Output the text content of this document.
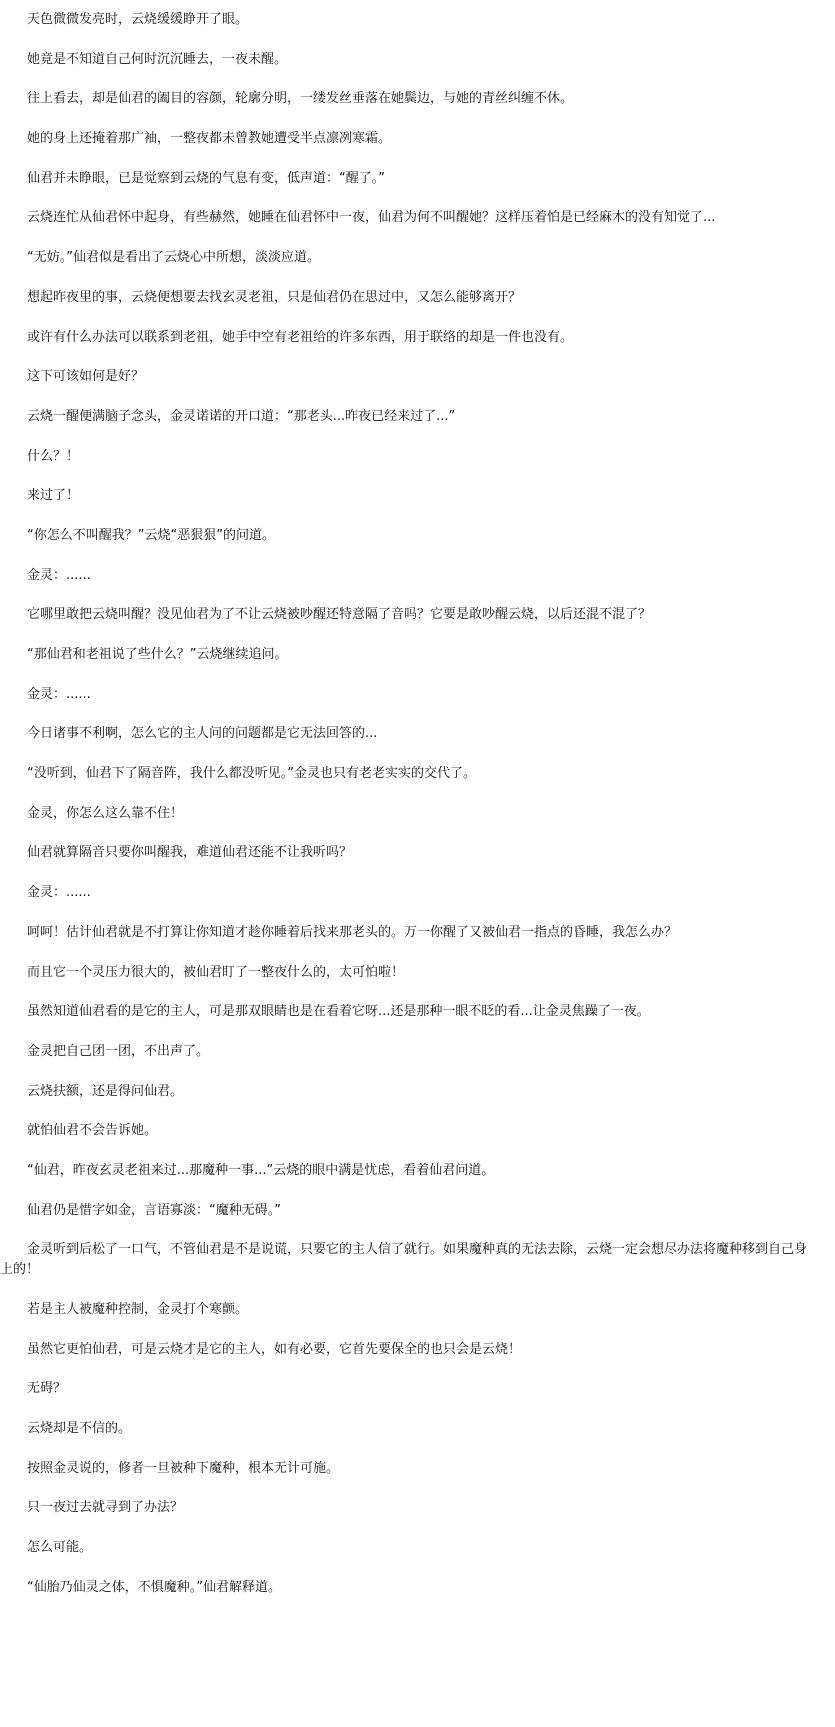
天色微微发亮时，云烧缓缓睁开了眼。

她竟是不知道自己何时沉沉睡去，一夜未醒。

往上看去，却是仙君的阖目的容颜，轮廓分明，一缕发丝垂落在她鬓边，与她的青丝纠缠不休。

她的身上还掩着那广袖，一整夜都未曾教她遭受半点凛冽寒霜。

仙君并未睁眼，已是觉察到云烧的气息有变，低声道：“醒了。”

云烧连忙从仙君怀中起身，有些赫然，她睡在仙君怀中一夜，仙君为何不叫醒她？这样压着怕是已经麻木的没有知觉了...

“无妨。”仙君似是看出了云烧心中所想，淡淡应道。

想起昨夜里的事，云烧便想要去找玄灵老祖，只是仙君仍在思过中，又怎么能够离开？

或许有什么办法可以联系到老祖，她手中空有老祖给的许多东西，用于联络的却是一件也没有。

这下可该如何是好？

云烧一醒便满脑子念头，金灵诺诺的开口道：“那老头...昨夜已经来过了...”

什么？！

来过了！

“你怎么不叫醒我？”云烧“恶狠狠”的问道。

金灵：......

它哪里敢把云烧叫醒？没见仙君为了不让云烧被吵醒还特意隔了音吗？它要是敢吵醒云烧，以后还混不混了？

“那仙君和老祖说了些什么？”云烧继续追问。

金灵：......

今日诸事不利啊，怎么它的主人问的问题都是它无法回答的...

“没听到，仙君下了隔音阵，我什么都没听见。”金灵也只有老老实实的交代了。

金灵，你怎么这么靠不住！

仙君就算隔音只要你叫醒我，难道仙君还能不让我听吗？

金灵：......

呵呵！估计仙君就是不打算让你知道才趁你睡着后找来那老头的。万一你醒了又被仙君一指点的昏睡，我怎么办？

而且它一个灵压力很大的，被仙君盯了一整夜什么的，太可怕啦！

虽然知道仙君看的是它的主人，可是那双眼睛也是在看着它呀...还是那种一眼不眨的看...让金灵焦躁了一夜。

金灵把自己团一团，不出声了。

云烧扶额，还是得问仙君。

就怕仙君不会告诉她。

“仙君，昨夜玄灵老祖来过...那魔种一事...”云烧的眼中满是忧虑，看着仙君问道。

仙君仍是惜字如金，言语寡淡：“魔种无碍。”

金灵听到后松了一口气，不管仙君是不是说谎，只要它的主人信了就行。如果魔种真的无法去除，云烧一定会想尽办法将魔种移到自己身上的！

若是主人被魔种控制，金灵打个寒颤。

虽然它更怕仙君，可是云烧才是它的主人，如有必要，它首先要保全的也只会是云烧！

无碍？

云烧却是不信的。

按照金灵说的，修者一旦被种下魔种，根本无计可施。

只一夜过去就寻到了办法？

怎么可能。

“仙胎乃仙灵之体，不惧魔种。”仙君解释道。
